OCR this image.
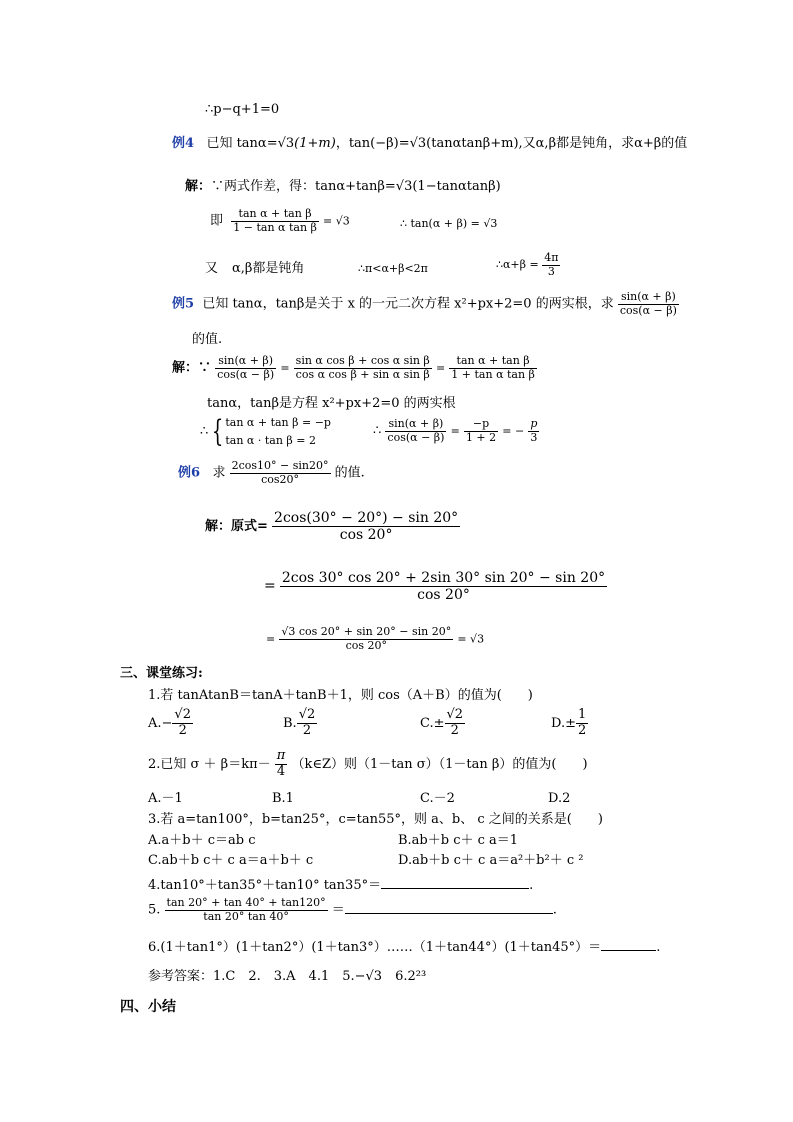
∴p−q+1=0
例4 已知 tanα=√3(1+m)，tan(−β)=√3(tanαtanβ+m),又α,β都是钝角，求α+β的值
解：∵两式作差，得：tanα+tanβ=√3(1−tanαtanβ)
即 $\frac{\text{tan α + tan β}}{\text{1 − tan α tan β}} = √3$	∴ tan(α + β) = √3
又 α,β都是钝角	∴π<α+β<2π	∴α+β = $\frac{4\pi}{3}$
例5 已知 tanα，tanβ是关于 x 的一元二次方程 x²+px+2=0 的两实根，求 $\frac{\sin(\alpha + \beta)}{\cos(\alpha - \beta)}$
的值.
解：∵ $\frac{\sin(\alpha + \beta)}{\cos(\alpha - \beta)} = \frac{\text{sin α cos β + cos α sin β}}{\text{cos α cos β + sin α sin β}} = \frac{\text{tan α + tan β}}{\text{1 + tan α tan β}}$
tanα，tanβ是方程 x²+px+2=0 的两实根
∴ { tan α + tan β = −p
tan α · tan β = 2
∴ $\frac{\sin(\alpha + \beta)}{\cos(\alpha - \beta)} = \frac{-p}{1 + 2}$ = − $\frac{p}{3}$
例6 求 $\frac{2\cos 10^\circ - \sin 20^\circ}{\cos 20^\circ}$ 的值.
解：原式= $\frac{2\cos(30^\circ - 20^\circ) - \sin 20^\circ}{\cos 20^\circ}$
= $\frac{2\cos 30^\circ \cos 20^\circ + 2\sin 30^\circ \sin 20^\circ - \sin 20^\circ}{\cos 20^\circ}$
= $\frac{√3 \cos 20^\circ + \sin 20^\circ - \sin 20^\circ}{\cos 20^\circ} = √3$
三、课堂练习:
1.若 tanAtanB＝tanA＋tanB＋1，则 cos（A＋B）的值为(　　)
$A.- \frac{√2}{2}$	B. $\frac{√2}{2}$	$C.\pm \frac{√2}{2}$	$D.\pm \frac{1}{2}$
2.已知 $\sigma + \beta=k\pi- \frac{\pi}{4}$ （k∈Z）则（1－tan σ）（1－tan β）的值为(　　)
A.－1	B.1	C.－2	D.2
3.若 a=tan100°，b=tan25°，c=tan55°，则 a、b、 c 之间的关系是(　　)
A.a＋b＋ c＝ab c	B.ab＋b c＋ c a＝1
C.ab＋b c＋ c a＝a＋b＋ c	D.ab＋b c＋ c a＝a²＋b²＋ c ²
4.tan10°＋tan35°＋tan10° tan35°＝	.
5. $\frac{\tan 20^\circ + \tan 40^\circ + \tan 120^\circ}{\tan 20^\circ \tan 40^\circ}$ ＝	.
6.(1＋tan1°）(1＋tan2°）(1＋tan3°）……（1＋tan44°）(1＋tan45°）＝	.
参考答案：1.C　2.　3.A　4.1　5.−√3　6.2²³
四、小结
